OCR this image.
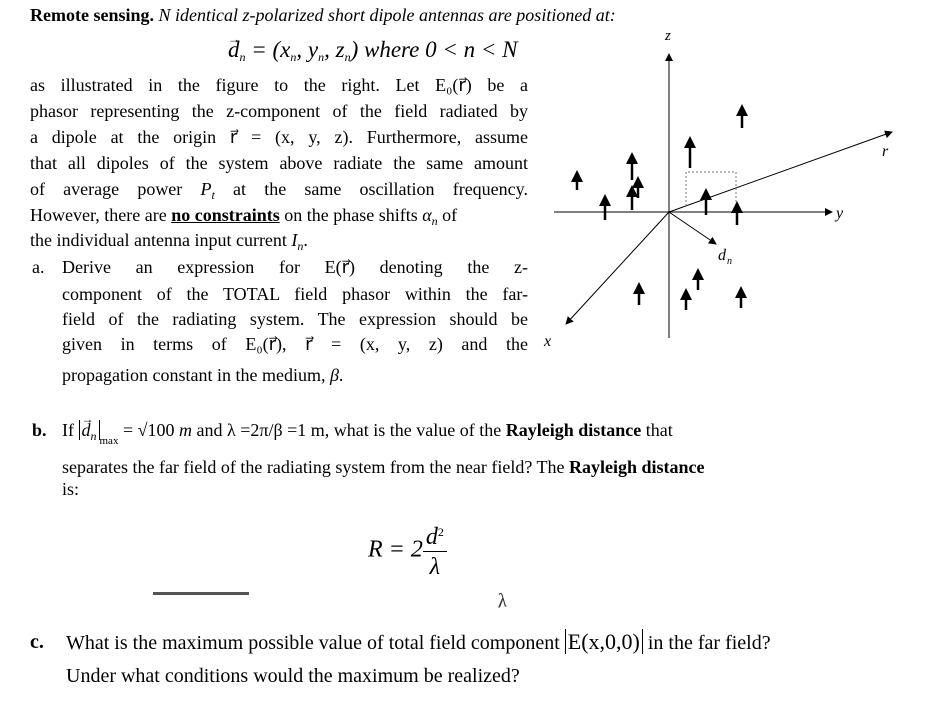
Remote sensing. N identical z-polarized short dipole antennas are positioned at:
→ $d_n = (x_n$, $y_n$, $z_n$) where 0 < n < N
as illustrated in the figure to the right. Let E₀(r⃗) be a
phasor representing the z-component of the field radiated by
a dipole at the origin r⃗ = (x, y, z). Furthermore, assume
that all dipoles of the system above radiate the same amount
of average power $P_t$ at the same oscillation frequency.
However, there are no constraints on the phase shifts $\alpha_n$ of
the individual antenna input current $I_n$.
a. Derive an expression for E(r⃗) denoting the z-
component of the TOTAL field phasor within the far-
field of the radiating system. The expression should be
given in terms of E₀(r⃗), r⃗ = (x, y, z) and the
propagation constant in the medium, β.
z
y
x
r
d n
b. $If \to d_n$ $_{max}$ = √100 m and λ =2π/β =1 m, what is the value of the Rayleigh distance that
separates the far field of the radiating system from the near field? The Rayleigh distance
is:
$R = 2 \frac{d^2}{\lambda}$
λ
c. What is the maximum possible value of total field component E(x,0,0) in the far field?
Under what conditions would the maximum be realized?
